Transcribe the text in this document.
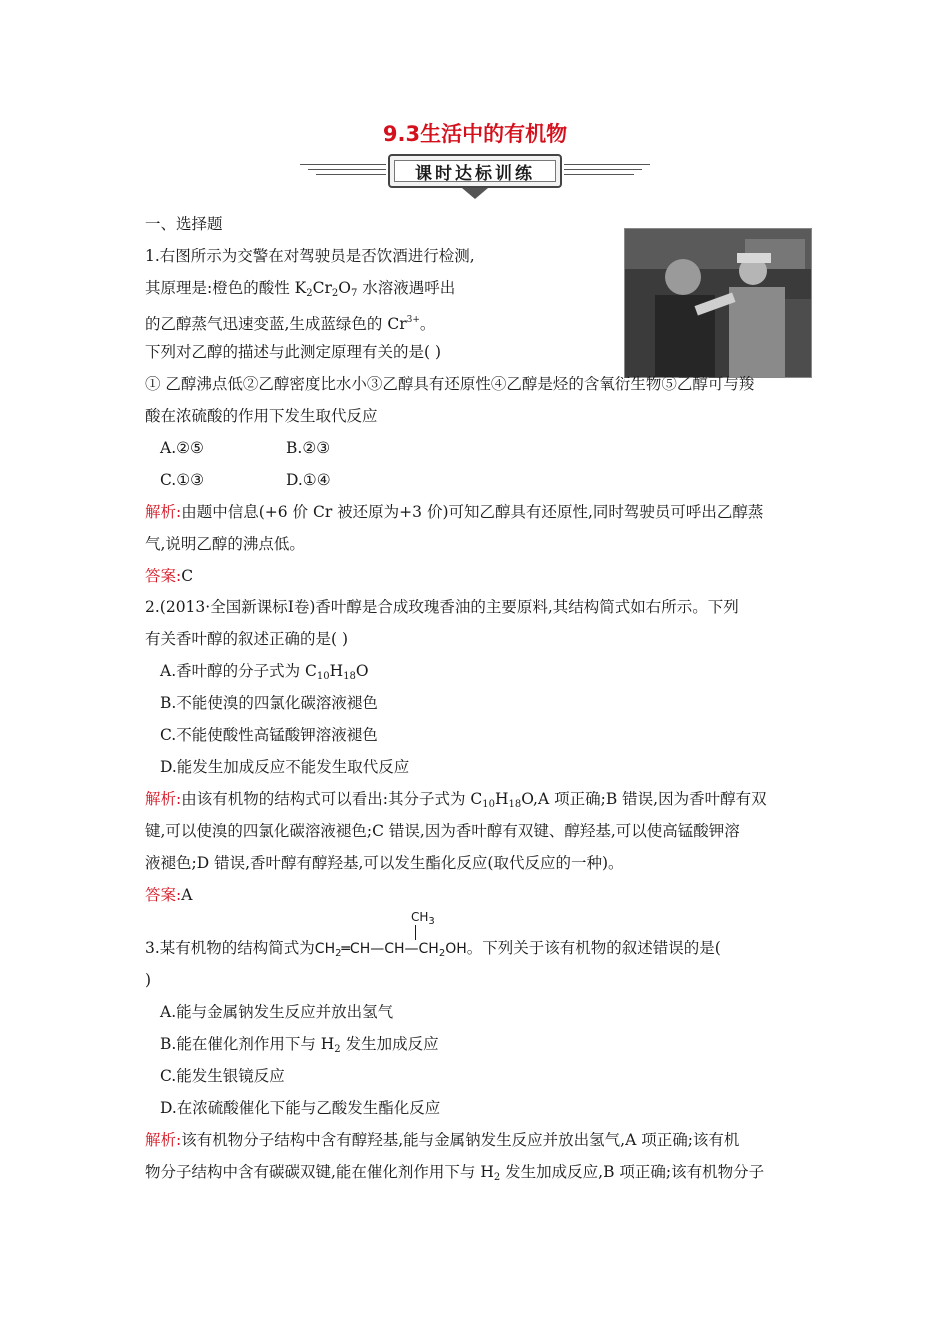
9.3生活中的有机物
课时达标训练
一、选择题
1.右图所示为交警在对驾驶员是否饮酒进行检测,
其原理是:橙色的酸性 $K_2Cr_2O_7$ 水溶液遇呼出
的乙醇蒸气迅速变蓝,生成蓝绿色的 $Cr^{3+}$。
下列对乙醇的描述与此测定原理有关的是( )
① 乙醇沸点低②乙醇密度比水小③乙醇具有还原性④乙醇是烃的含氧衍生物⑤乙醇可与羧
酸在浓硫酸的作用下发生取代反应
A.②⑤	B.②③
C.①③	D.①④
解析:由题中信息(+6 价 Cr 被还原为+3 价)可知乙醇具有还原性,同时驾驶员可呼出乙醇蒸
气,说明乙醇的沸点低。
答案:C
2.(2013·全国新课标Ⅰ卷)香叶醇是合成玫瑰香油的主要原料,其结构简式如右所示。下列
有关香叶醇的叙述正确的是( )
A.香叶醇的分子式为 $C_{10}H_{18}O$
B.不能使溴的四氯化碳溶液褪色
C.不能使酸性高锰酸钾溶液褪色
D.能发生加成反应不能发生取代反应
解析:由该有机物的结构式可以看出:其分子式为 $C_{10}H_{18}O,A$ 项正确;B 错误,因为香叶醇有双
键,可以使溴的四氯化碳溶液褪色;C 错误,因为香叶醇有双键、醇羟基,可以使高锰酸钾溶
液褪色;D 错误,香叶醇有醇羟基,可以发生酯化反应(取代反应的一种)。
答案:A
$CH_3$
3.某有机物的结构简式为$CH_2═CH—CH—CH_2OH$。下列关于该有机物的叙述错误的是(
)
A.能与金属钠发生反应并放出氢气
B.能在催化剂作用下与 $H_2$ 发生加成反应
C.能发生银镜反应
D.在浓硫酸催化下能与乙酸发生酯化反应
解析:该有机物分子结构中含有醇羟基,能与金属钠发生反应并放出氢气,A 项正确;该有机
物分子结构中含有碳碳双键,能在催化剂作用下与 $H_2$ 发生加成反应,B 项正确;该有机物分子
